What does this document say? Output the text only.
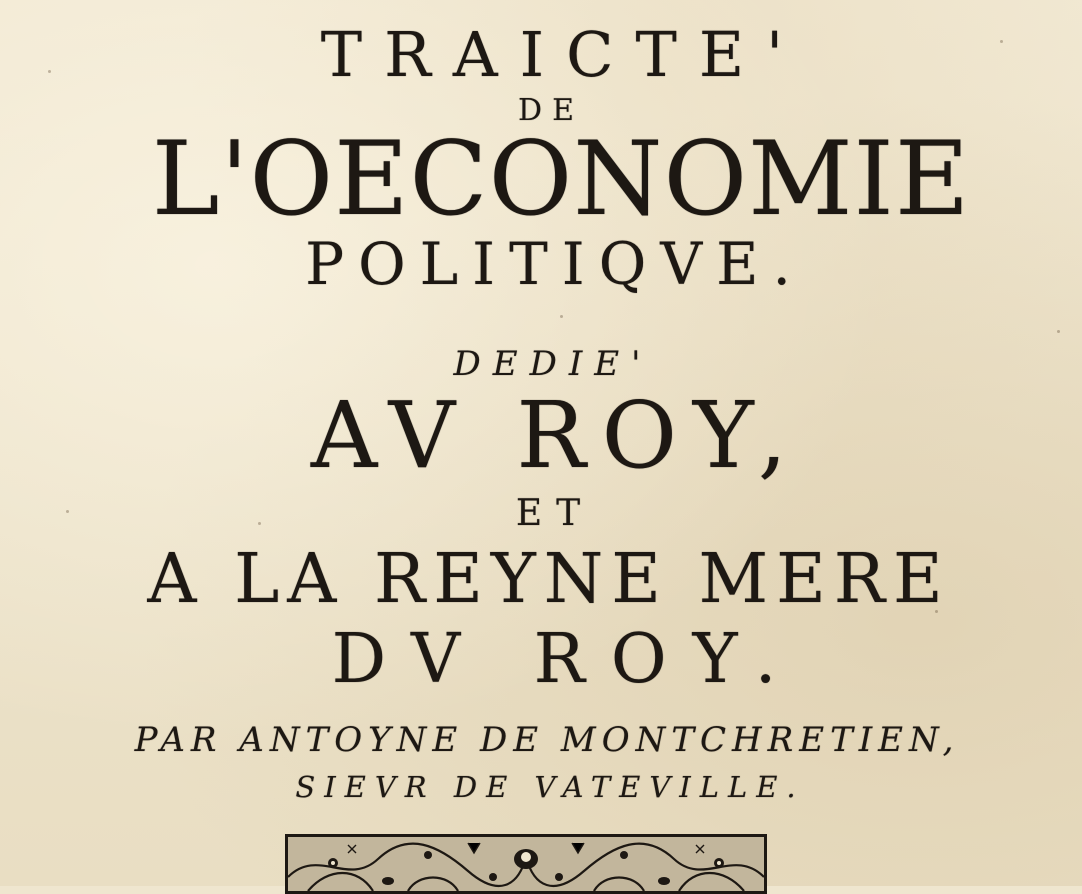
TRAICTE'
DE
L'OECONOMIE
POLITIQVE.
DEDIE'
AV ROY,
ET
A LA REYNE MERE
DV ROY.
PAR ANTOYNE DE MONTCHRETIEN,
SIEVR DE VATEVILLE.
